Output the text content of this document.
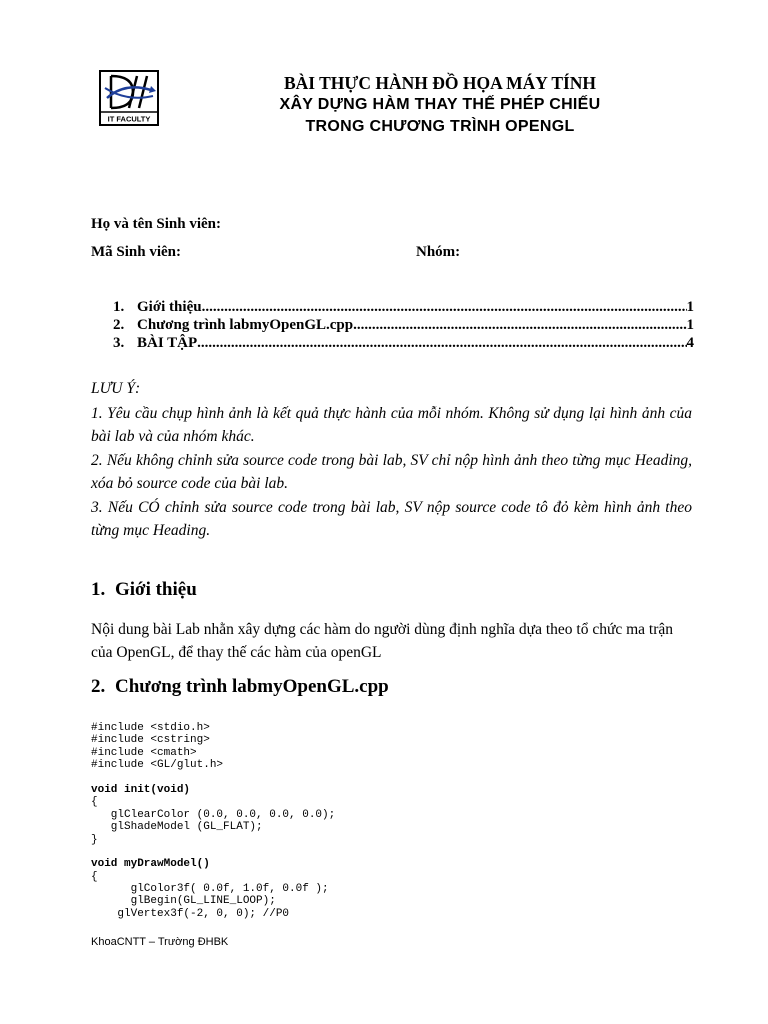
IT FACULTY

BÀI THỰC HÀNH ĐỒ HỌA MÁY TÍNH

XÂY DỰNG HÀM THAY THẾ PHÉP CHIẾU

TRONG CHƯƠNG TRÌNH OPENGL

Họ và tên Sinh viên:
Mã Sinh viên:	Nhóm:
1. Giới thiệu .....	1
2. Chương trình labmyOpenGL.cpp .....	1
3. BÀI TẬP .....	4
LƯU Ý:
1. Yêu cầu chụp hình ảnh là kết quả thực hành của mỗi nhóm. Không sử dụng lại hình ảnh của bài lab và của nhóm khác.
2. Nếu không chỉnh sửa source code trong bài lab, SV chỉ nộp hình ảnh theo từng mục Heading, xóa bỏ source code của bài lab.
3. Nếu CÓ chỉnh sửa source code trong bài lab, SV nộp source code tô đỏ kèm hình ảnh theo từng mục Heading.
1. Giới thiệu
Nội dung bài Lab nhằn xây dựng các hàm do người dùng định nghĩa dựa theo tổ chức ma trận của OpenGL, để thay thế các hàm của openGL
2. Chương trình labmyOpenGL.cpp
#include <stdio.h>
#include <cstring>
#include <cmath>
#include <GL/glut.h>
void init(void)
{
glClearColor (0.0, 0.0, 0.0, 0.0);
glShadeModel (GL_FLAT);
}
void myDrawModel()
{
glColor3f( 0.0f, 1.0f, 0.0f );
glBegin(GL_LINE_LOOP);
glVertex3f(-2, 0, 0); //P0
KhoaCNTT – Trường ĐHBK
